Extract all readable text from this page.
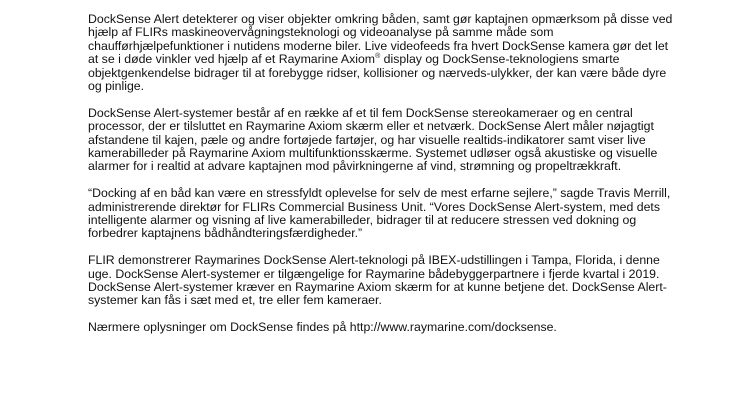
DockSense Alert detekterer og viser objekter omkring båden, samt gør kaptajnen opmærksom på disse ved hjælp af FLIRs maskineovervågningsteknologi og videoanalyse på samme måde som chaufførhjælpefunktioner i nutidens moderne biler. Live videofeeds fra hvert DockSense kamera gør det let at se i døde vinkler ved hjælp af et Raymarine Axiom® display og DockSense-teknologiens smarte objektgenkendelse bidrager til at forebygge ridser, kollisioner og nærveds-ulykker, der kan være både dyre og pinlige.

DockSense Alert-systemer består af en række af et til fem DockSense stereokameraer og en central processor, der er tilsluttet en Raymarine Axiom skærm eller et netværk. DockSense Alert måler nøjagtigt afstandene til kajen, pæle og andre fortøjede fartøjer, og har visuelle realtids-indikatorer samt viser live kamerabilleder på Raymarine Axiom multifunktionsskærme. Systemet udløser også akustiske og visuelle alarmer for i realtid at advare kaptajnen mod påvirkningerne af vind, strømning og propeltrækkraft.

“Docking af en båd kan være en stressfyldt oplevelse for selv de mest erfarne sejlere,” sagde Travis Merrill, administrerende direktør for FLIRs Commercial Business Unit. “Vores DockSense Alert-system, med dets intelligente alarmer og visning af live kamerabilleder, bidrager til at reducere stressen ved dokning og forbedrer kaptajnens bådhåndteringsfærdigheder.”

FLIR demonstrerer Raymarines DockSense Alert-teknologi på IBEX-udstillingen i Tampa, Florida, i denne uge. DockSense Alert-systemer er tilgængelige for Raymarine bådebyggerpartnere i fjerde kvartal i 2019. DockSense Alert-systemer kræver en Raymarine Axiom skærm for at kunne betjene det. DockSense Alert-systemer kan fås i sæt med et, tre eller fem kameraer.

Nærmere oplysninger om DockSense findes på http://www.raymarine.com/docksense.
